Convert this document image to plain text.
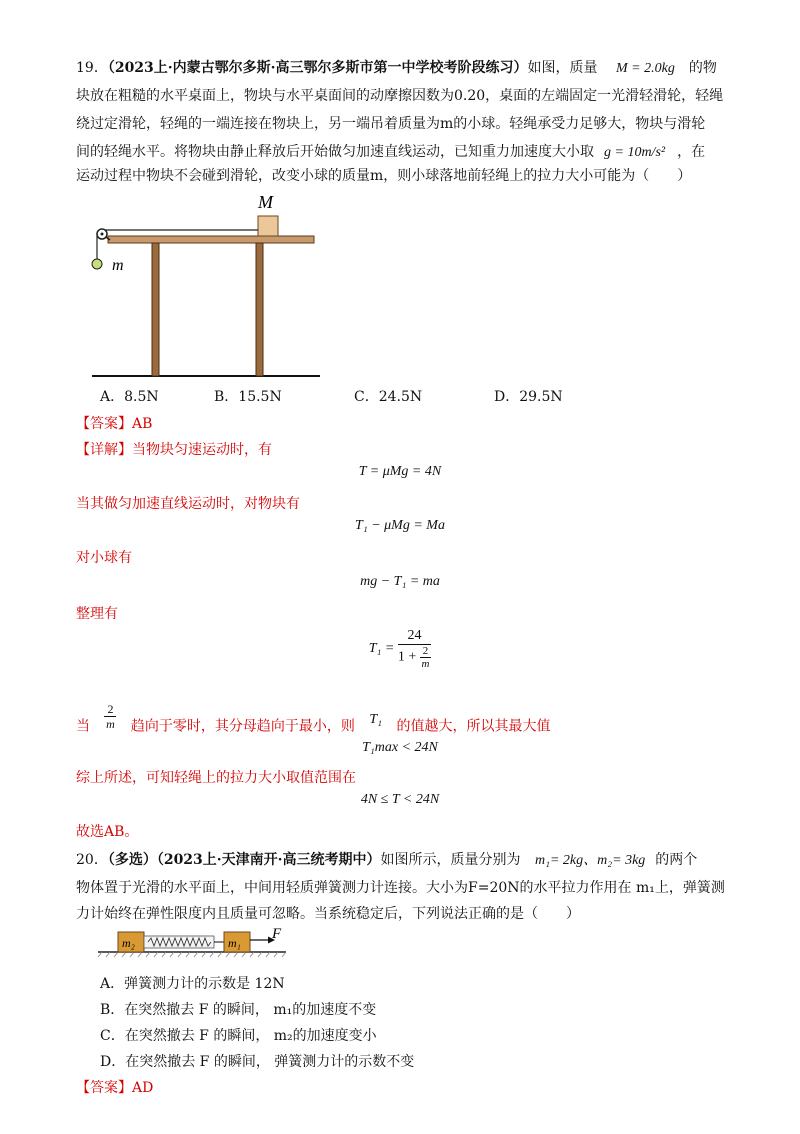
19．（2023上·内蒙古鄂尔多斯·高三鄂尔多斯市第一中学校考阶段练习）如图，质量 M = 2.0kg 的物
块放在粗糙的水平桌面上，物块与水平桌面间的动摩擦因数为0.20，桌面的左端固定一光滑轻滑轮，轻绳
绕过定滑轮，轻绳的一端连接在物块上，另一端吊着质量为m的小球。轻绳承受力足够大，物块与滑轮
间的轻绳水平。将物块由静止释放后开始做匀加速直线运动，已知重力加速度大小取 g = 10m/s² ，在
运动过程中物块不会碰到滑轮，改变小球的质量m，则小球落地前轻绳上的拉力大小可能为（　　）
M
m
A．8.5N	B．15.5N	C．24.5N	D．29.5N
【答案】AB
【详解】当物块匀速运动时，有
T = μMg = 4N
当其做匀加速直线运动时，对物块有
T₁ − μMg = Ma
对小球有
mg − T₁ = ma
整理有
$T_1 = \frac{24}{1 + \frac{2}{m}}$
当 $\frac{2}{m}$ 趋向于零时，其分母趋向于最小，则 T₁ 的值越大，所以其最大值
T₁max < 24N
综上所述，可知轻绳上的拉力大小取值范围在
4N ≤ T < 24N
故选AB。
20．（多选）（2023上·天津南开·高三统考期中）如图所示，质量分别为 m₁= 2kg、m₂= 3kg 的两个
物体置于光滑的水平面上，中间用轻质弹簧测力计连接。大小为F=20N的水平拉力作用在 m₁上，弹簧测
力计始终在弹性限度内且质量可忽略。当系统稳定后，下列说法正确的是（　　）
m₂	m₁
F
A．弹簧测力计的示数是 12N
B．在突然撤去 F 的瞬间， m₁的加速度不变
C．在突然撤去 F 的瞬间， m₂的加速度变小
D．在突然撤去 F 的瞬间， 弹簧测力计的示数不变
【答案】AD
